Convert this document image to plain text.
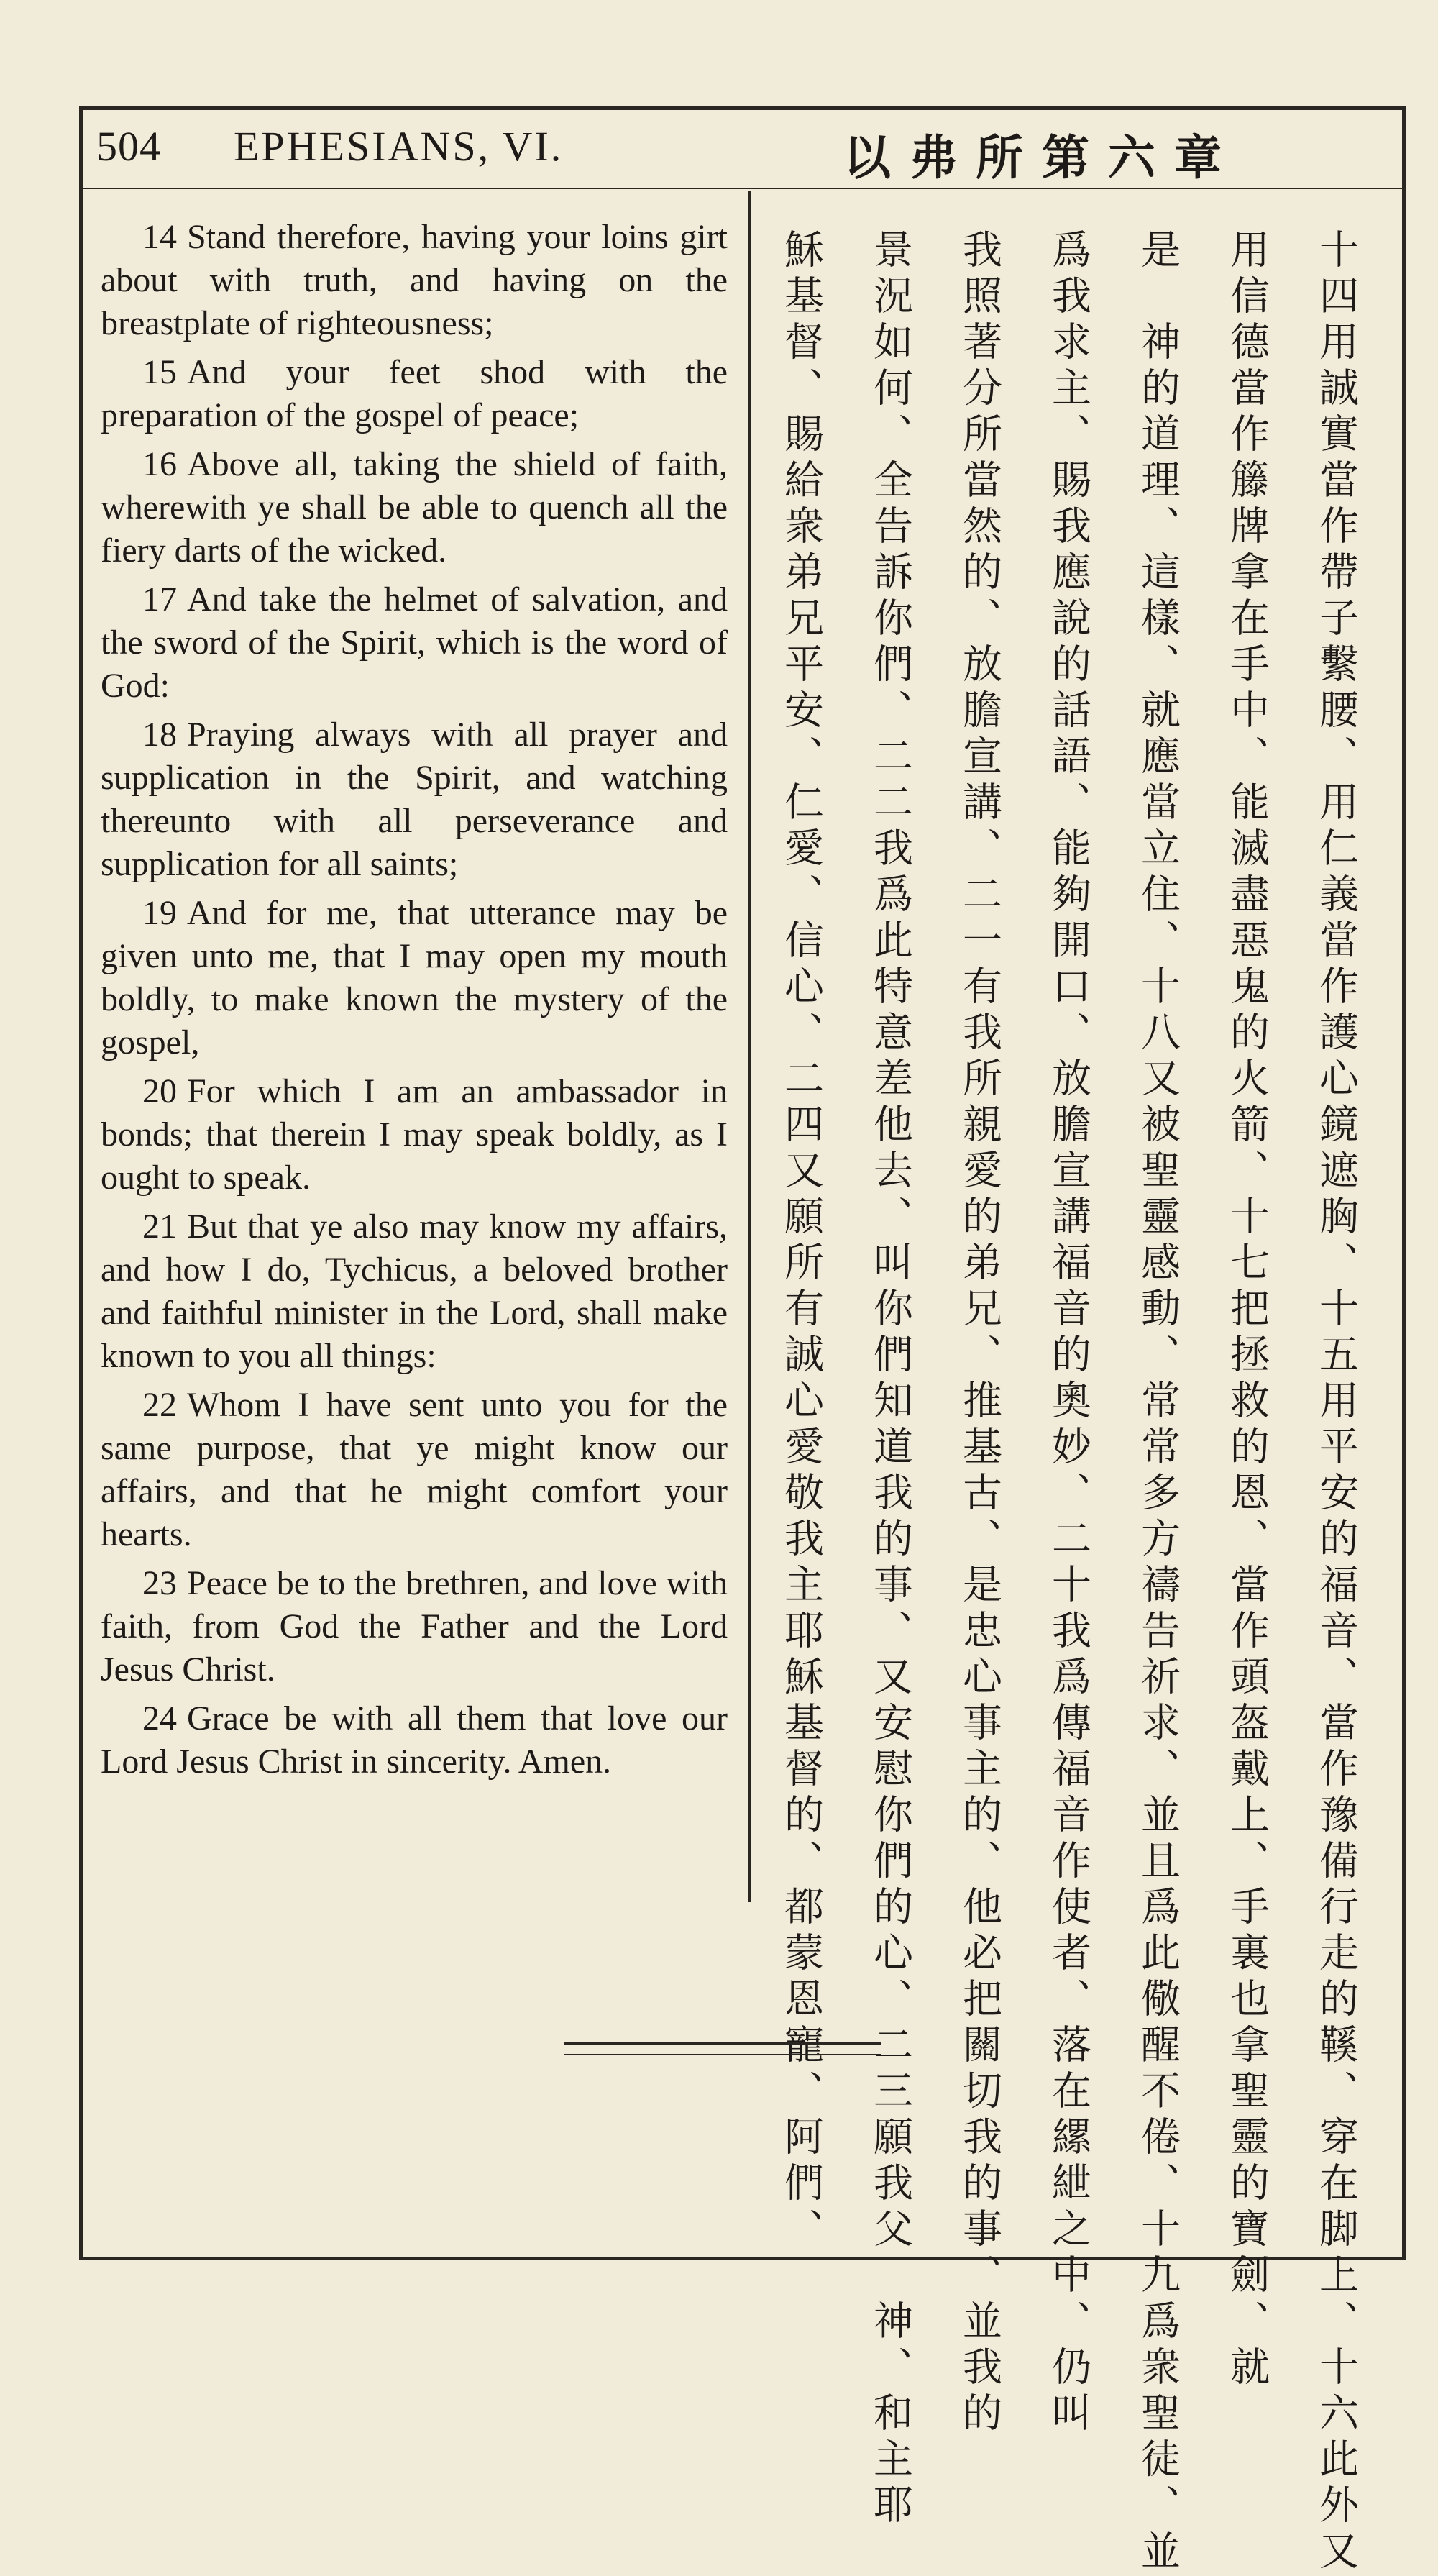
504 EPHESIANS, VI.	以弗所第六章

14 Stand therefore, having your loins girt about with truth, and having on the breastplate of righteousness;

15 And your feet shod with the preparation of the gospel of peace;

16 Above all, taking the shield of faith, wherewith ye shall be able to quench all the fiery darts of the wicked.

17 And take the helmet of salvation, and the sword of the Spirit, which is the word of God:

18 Praying always with all prayer and supplication in the Spirit, and watching thereunto with all perseverance and supplication for all saints;

19 And for me, that utterance may be given unto me, that I may open my mouth boldly, to make known the mystery of the gospel,

20 For which I am an ambassador in bonds; that therein I may speak boldly, as I ought to speak.

21 But that ye also may know my affairs, and how I do, Tychicus, a beloved brother and faithful minister in the Lord, shall make known to you all things:

22 Whom I have sent unto you for the same purpose, that ye might know our affairs, and that he might comfort your hearts.

23 Peace be to the brethren, and love with faith, from God the Father and the Lord Jesus Christ.

24 Grace be with all them that love our Lord Jesus Christ in sincerity. Amen.	十四用誠實當作帶子繫腰、用仁義當作護心鏡遮胸、十五用平安的福音、當作豫備行走的鞵、穿在脚上、十六此外又
用信德當作籐牌拿在手中、能滅盡惡鬼的火箭、十七把拯救的恩、當作頭盔戴上、手裏也拿聖靈的寶劍、就
是　神的道理、這樣、就應當立住、十八又被聖靈感動、常常多方禱告祈求、並且爲此儆醒不倦、十九爲衆聖徒、並
爲我求主、賜我應說的話語、能夠開口、放膽宣講福音的奧妙、二十我爲傳福音作使者、落在縲紲之中、仍叫
我照著分所當然的、放膽宣講、二一有我所親愛的弟兄、推基古、是忠心事主的、他必把關切我的事、並我的
景況如何、全告訴你們、二二我爲此特意差他去、叫你們知道我的事、又安慰你們的心、二三願我父　神、和主耶
穌基督、賜給衆弟兄平安、仁愛、信心、二四又願所有誠心愛敬我主耶穌基督的、都蒙恩寵、阿們、
